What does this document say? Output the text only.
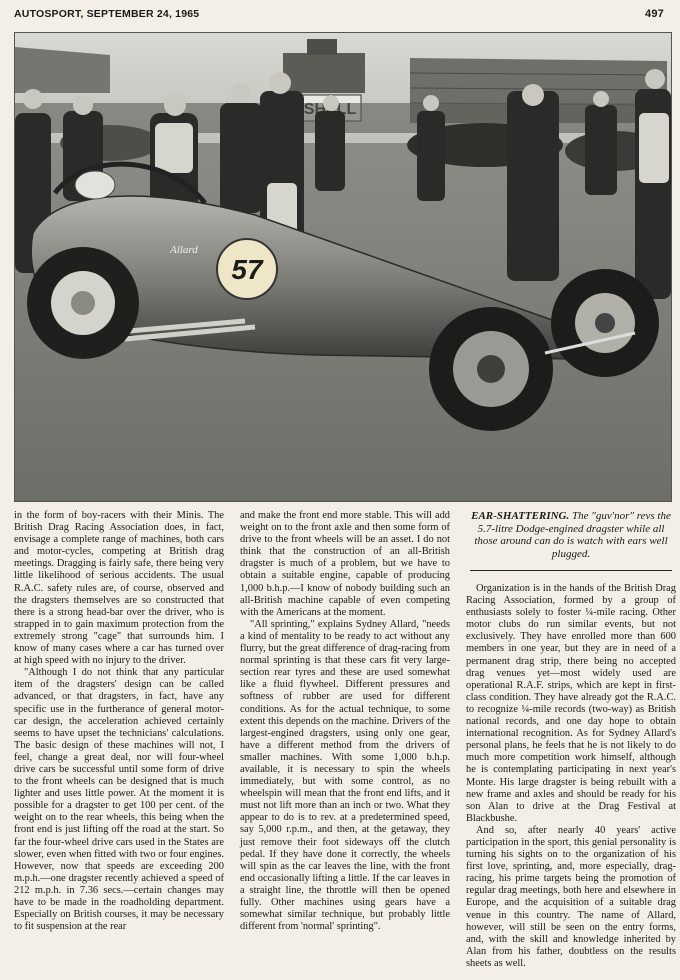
AUTOSPORT, SEPTEMBER 24, 1965	497
57
Allard

in the form of boy-racers with their Minis. The British Drag Racing Association does, in fact, envisage a complete range of machines, both cars and motor-cycles, competing at British drag meetings. Dragging is fairly safe, there being very little likelihood of serious accidents. The usual R.A.C. safety rules are, of course, observed and the dragsters themselves are so constructed that there is a strong head-bar over the driver, who is strapped in to gain maximum protection from the extremely strong "cage" that surrounds him. I know of many cases where a car has turned over at high speed with no injury to the driver.

"Although I do not think that any particular item of the dragsters' design can be called advanced, or that dragsters, in fact, have any specific use in the furtherance of general motor-car design, the acceleration achieved certainly seems to have upset the technicians' calculations. The basic design of these machines will not, I feel, change a great deal, nor will four-wheel drive cars be successful until some form of drive to the front wheels can be designed that is much lighter and uses little power. At the moment it is possible for a dragster to get 100 per cent. of the weight on to the rear wheels, this being when the front end is just lifting off the road at the start. So far the four-wheel drive cars used in the States are slower, even when fitted with two or four engines. However, now that speeds are exceeding 200 m.p.h.—one dragster recently achieved a speed of 212 m.p.h. in 7.36 secs.—certain changes may have to be made in the roadholding department. Especially on British courses, it may be necessary to fit suspension at the rear

and make the front end more stable. This will add weight on to the front axle and then some form of drive to the front wheels will be an asset. I do not think that the construction of an all-British dragster is much of a problem, but we have to obtain a suitable engine, capable of producing 1,000 b.h.p.—I know of nobody building such an all-British machine capable of even competing with the Americans at the moment.

"All sprinting," explains Sydney Allard, "needs a kind of mentality to be ready to act without any flurry, but the great difference of drag-racing from normal sprinting is that these cars fit very large-section rear tyres and these are used somewhat like a fluid flywheel. Different pressures and softness of rubber are used for different conditions. As for the actual technique, to some extent this depends on the machine. Drivers of the largest-engined dragsters, using only one gear, have a different method from the drivers of smaller machines. With some 1,000 b.h.p. available, it is necessary to spin the wheels immediately, but with some control, as no wheelspin will mean that the front end lifts, and it must not lift more than an inch or two. What they appear to do is to rev. at a predetermined speed, say 5,000 r.p.m., and then, at the getaway, they just remove their foot sideways off the clutch pedal. If they have done it correctly, the wheels will spin as the car leaves the line, with the front end occasionally lifting a little. If the car leaves in a straight line, the throttle will then be opened fully. Other machines using gears have a somewhat similar technique, but probably little different from 'normal' sprinting".

EAR-SHATTERING. The "guv'nor" revs the 5.7-litre Dodge-engined dragster while all those around can do is watch with ears well plugged.

Organization is in the hands of the British Drag Racing Association, formed by a group of enthusiasts solely to foster ¼-mile racing. Other motor clubs do run similar events, but not exclusively. They have enrolled more than 600 members in one year, but they are in need of a permanent drag strip, there being no accepted drag venues yet—most widely used are operational R.A.F. strips, which are kept in first-class condition. They have already got the R.A.C. to recognize ¼-mile records (two-way) as British national records, and one day hope to obtain international recognition. As for Sydney Allard's personal plans, he feels that he is not likely to do much more competition work himself, although he is contemplating participating in next year's Monte. His large dragster is being rebuilt with a new frame and axles and should be ready for his son Alan to drive at the Drag Festival at Blackbushe.

And so, after nearly 40 years' active participation in the sport, this genial personality is turning his sights on to the organization of his first love, sprinting, and, more especially, drag-racing, his prime targets being the promotion of regular drag meetings, both here and elsewhere in Europe, and the acquisition of a suitable drag venue in this country. The name of Allard, however, will still be seen on the entry forms, and, with the skill and knowledge inherited by Alan from his father, doubtless on the results sheets as well.
